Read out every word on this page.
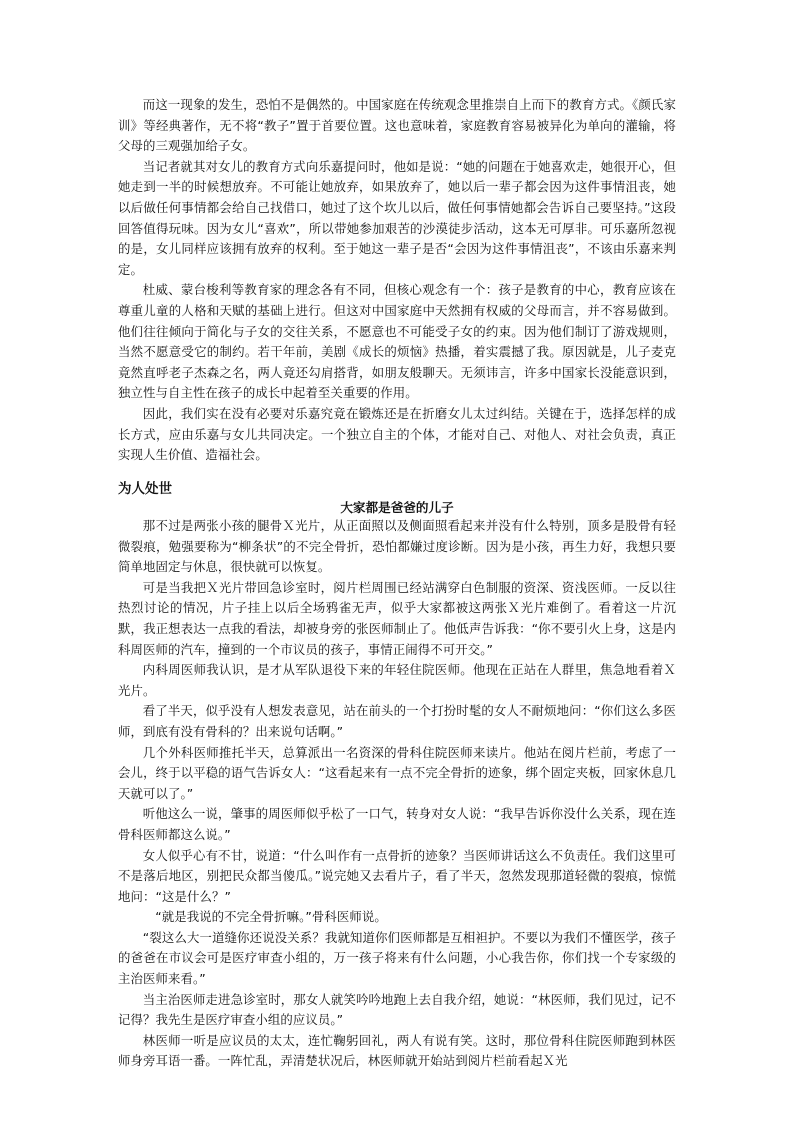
而这一现象的发生，恐怕不是偶然的。中国家庭在传统观念里推崇自上而下的教育方式。《颜氏家训》等经典著作，无不将“教子”置于首要位置。这也意味着，家庭教育容易被异化为单向的灌输，将父母的三观强加给子女。

当记者就其对女儿的教育方式向乐嘉提问时，他如是说：“她的问题在于她喜欢走，她很开心，但她走到一半的时候想放弃。不可能让她放弃，如果放弃了，她以后一辈子都会因为这件事情沮丧，她以后做任何事情都会给自己找借口，她过了这个坎儿以后，做任何事情她都会告诉自己要坚持。”这段回答值得玩味。因为女儿“喜欢”，所以带她参加艰苦的沙漠徒步活动，这本无可厚非。可乐嘉所忽视的是，女儿同样应该拥有放弃的权利。至于她这一辈子是否“会因为这件事情沮丧”，不该由乐嘉来判定。

杜威、蒙台梭利等教育家的理念各有不同，但核心观念有一个：孩子是教育的中心，教育应该在尊重儿童的人格和天赋的基础上进行。但这对中国家庭中天然拥有权威的父母而言，并不容易做到。他们往往倾向于简化与子女的交往关系，不愿意也不可能受子女的约束。因为他们制订了游戏规则，当然不愿意受它的制约。若干年前，美剧《成长的烦恼》热播，着实震撼了我。原因就是，儿子麦克竟然直呼老子杰森之名，两人竟还勾肩搭背，如朋友般聊天。无须讳言，许多中国家长没能意识到，独立性与自主性在孩子的成长中起着至关重要的作用。

因此，我们实在没有必要对乐嘉究竟在锻炼还是在折磨女儿太过纠结。关键在于，选择怎样的成长方式，应由乐嘉与女儿共同决定。一个独立自主的个体，才能对自己、对他人、对社会负责，真正实现人生价值、造福社会。

为人处世
大家都是爸爸的儿子

那不过是两张小孩的腿骨Ｘ光片，从正面照以及侧面照看起来并没有什么特别，顶多是股骨有轻微裂痕，勉强要称为“柳条状”的不完全骨折，恐怕都嫌过度诊断。因为是小孩，再生力好，我想只要简单地固定与休息，很快就可以恢复。

可是当我把Ｘ光片带回急诊室时，阅片栏周围已经站满穿白色制服的资深、资浅医师。一反以往热烈讨论的情况，片子挂上以后全场鸦雀无声，似乎大家都被这两张Ｘ光片难倒了。看着这一片沉默，我正想表达一点我的看法，却被身旁的张医师制止了。他低声告诉我：“你不要引火上身，这是内科周医师的汽车，撞到的一个市议员的孩子，事情正闹得不可开交。”

内科周医师我认识，是才从军队退役下来的年轻住院医师。他现在正站在人群里，焦急地看着Ｘ光片。

看了半天，似乎没有人想发表意见，站在前头的一个打扮时髦的女人不耐烦地问：“你们这么多医师，到底有没有骨科的？出来说句话啊。”

几个外科医师推托半天，总算派出一名资深的骨科住院医师来读片。他站在阅片栏前，考虑了一会儿，终于以平稳的语气告诉女人：“这看起来有一点不完全骨折的迹象，绑个固定夹板，回家休息几天就可以了。”

听他这么一说，肇事的周医师似乎松了一口气，转身对女人说：“我早告诉你没什么关系，现在连骨科医师都这么说。”

女人似乎心有不甘，说道：“什么叫作有一点骨折的迹象？当医师讲话这么不负责任。我们这里可不是落后地区，别把民众都当傻瓜。”说完她又去看片子，看了半天，忽然发现那道轻微的裂痕，惊慌地问：“这是什么？”

“就是我说的不完全骨折嘛。”骨科医师说。

“裂这么大一道缝你还说没关系？我就知道你们医师都是互相袒护。不要以为我们不懂医学，孩子的爸爸在市议会可是医疗审查小组的，万一孩子将来有什么问题，小心我告你，你们找一个专家级的主治医师来看。”

当主治医师走进急诊室时，那女人就笑吟吟地跑上去自我介绍，她说：“林医师，我们见过，记不记得？我先生是医疗审查小组的应议员。”

林医师一听是应议员的太太，连忙鞠躬回礼，两人有说有笑。这时，那位骨科住院医师跑到林医师身旁耳语一番。一阵忙乱，弄清楚状况后，林医师就开始站到阅片栏前看起Ｘ光
